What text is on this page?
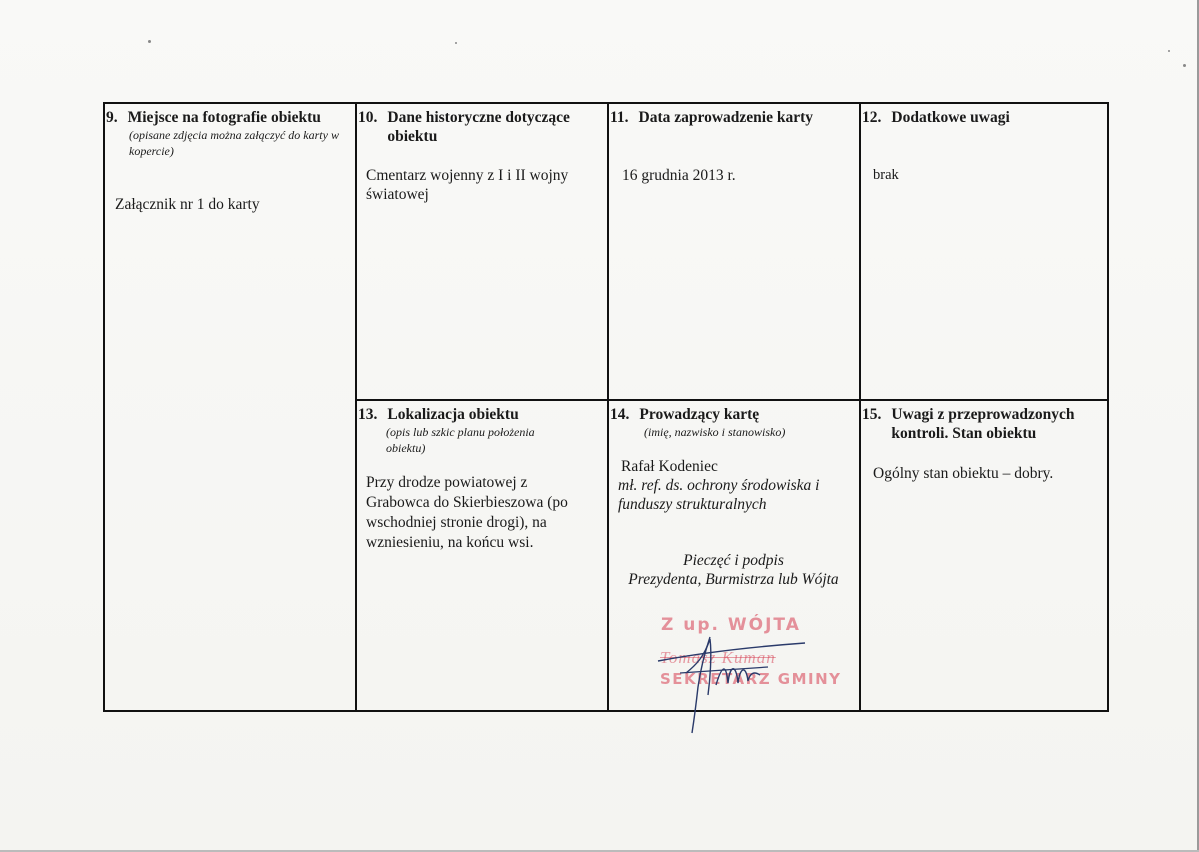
9. Miejsce na fotografie obiektu
(opisane zdjęcia można załączyć do karty w kopercie)
Załącznik nr 1 do karty
10. Dane historyczne dotyczące obiektu
Cmentarz wojenny z I i II wojny światowej
11. Data zaprowadzenie karty
16 grudnia 2013 r.
12. Dodatkowe uwagi
brak
13. Lokalizacja obiektu
(opis lub szkic planu położenia obiektu)
Przy drodze powiatowej z Grabowca do Skierbieszowa (po wschodniej stronie drogi), na wzniesieniu, na końcu wsi.
14. Prowadzący kartę
(imię, nazwisko i stanowisko)
Rafał Kodeniec
mł. ref. ds. ochrony środowiska i funduszy strukturalnych
Pieczęć i podpis
Prezydenta, Burmistrza lub Wójta
15. Uwagi z przeprowadzonych kontroli. Stan obiektu
Ogólny stan obiektu – dobry.
Z up. WÓJTA
Tomasz Kuman
SEKRETARZ GMINY
